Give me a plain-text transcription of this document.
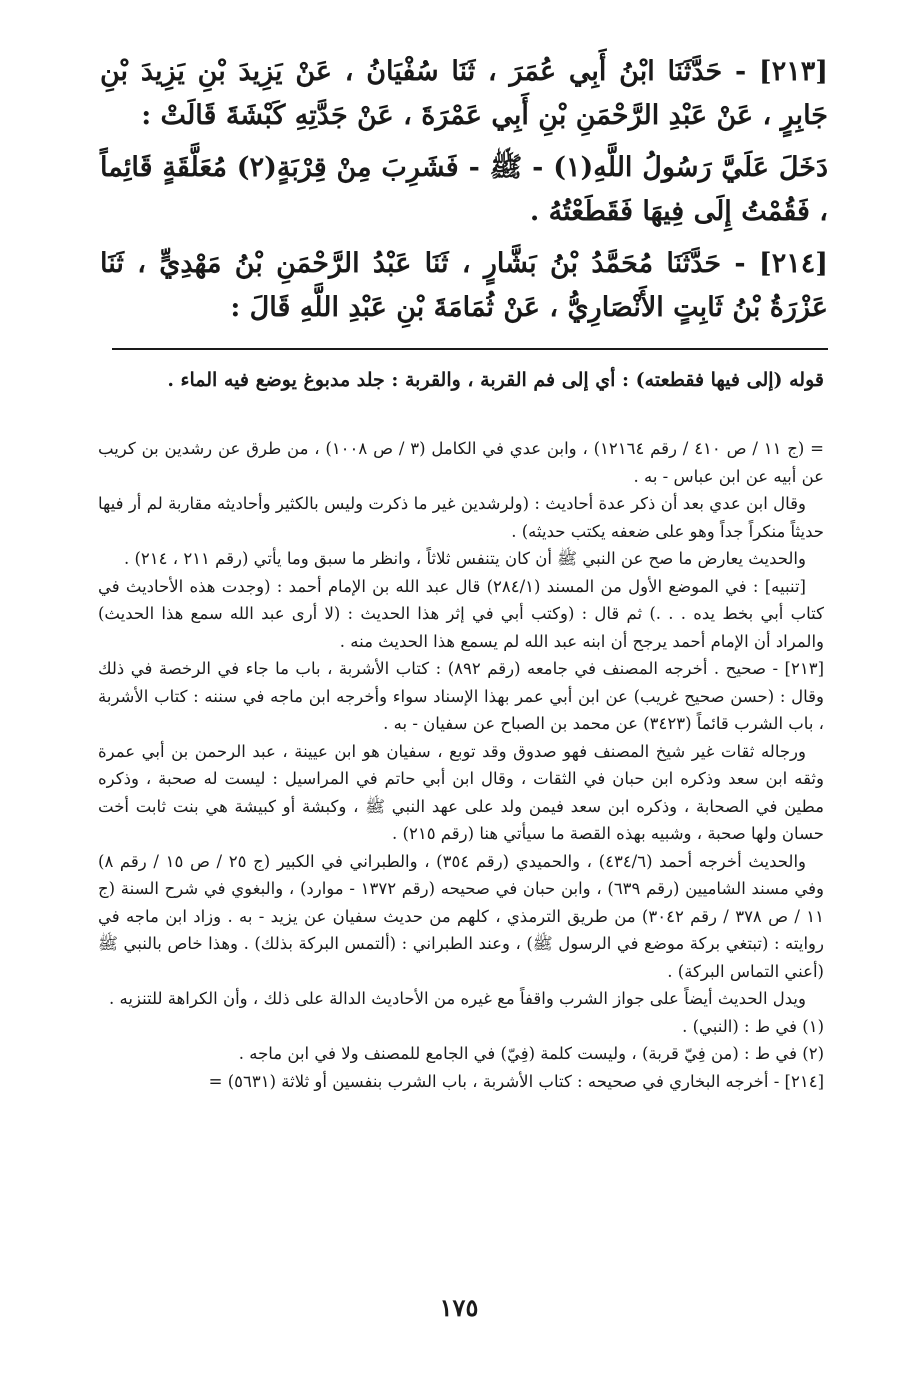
[٢١٣] - حَدَّثَنَا ابْنُ أَبِي عُمَرَ ، ثَنَا سُفْيَانُ ، عَنْ يَزِيدَ بْنِ يَزِيدَ بْنِ جَابِرٍ ، عَنْ عَبْدِ الرَّحْمَنِ بْنِ أَبِي عَمْرَةَ ، عَنْ جَدَّتِهِ كَبْشَةَ قَالَتْ :

دَخَلَ عَلَيَّ رَسُولُ اللَّهِ(١) - ﷺ - فَشَرِبَ مِنْ قِرْبَةٍ(٢) مُعَلَّقَةٍ قَائِماً ، فَقُمْتُ إِلَى فِيهَا فَقَطَعْتُهُ .

[٢١٤] - حَدَّثَنَا مُحَمَّدُ بْنُ بَشَّارٍ ، ثَنَا عَبْدُ الرَّحْمَنِ بْنُ مَهْدِيٍّ ، ثَنَا عَزْرَةُ بْنُ ثَابِتٍ الأَنْصَارِيُّ ، عَنْ ثُمَامَةَ بْنِ عَبْدِ اللَّهِ قَالَ :

قوله (إلى فيها فقطعته) : أي إلى فم القربة ، والقربة : جلد مدبوغ يوضع فيه الماء .

= (ج ١١ / ص ٤١٠ / رقم ١٢١٦٤) ، وابن عدي في الكامل (٣ / ص ١٠٠٨) ، من طرق عن رشدين بن كريب عن أبيه عن ابن عباس - به .

وقال ابن عدي بعد أن ذكر عدة أحاديث : (ولرشدين غير ما ذكرت وليس بالكثير وأحاديثه مقاربة لم أر فيها حديثاً منكراً جداً وهو على ضعفه يكتب حديثه) .

والحديث يعارض ما صح عن النبي ﷺ أن كان يتنفس ثلاثاً ، وانظر ما سبق وما يأتي (رقم ٢١١ ، ٢١٤) .

[تنبيه] : في الموضع الأول من المسند (٢٨٤/١) قال عبد الله بن الإمام أحمد : (وجدت هذه الأحاديث في كتاب أبي بخط يده . . .) ثم قال : (وكتب أبي في إثر هذا الحديث : (لا أرى عبد الله سمع هذا الحديث) والمراد أن الإمام أحمد يرجح أن ابنه عبد الله لم يسمع هذا الحديث منه .

[٢١٣] - صحيح . أخرجه المصنف في جامعه (رقم ٨٩٢) : كتاب الأشربة ، باب ما جاء في الرخصة في ذلك وقال : (حسن صحيح غريب) عن ابن أبي عمر بهذا الإسناد سواء وأخرجه ابن ماجه في سننه : كتاب الأشربة ، باب الشرب قائماً (٣٤٢٣) عن محمد بن الصباح عن سفيان - به .

ورجاله ثقات غير شيخ المصنف فهو صدوق وقد توبع ، سفيان هو ابن عيينة ، عبد الرحمن بن أبي عمرة وثقه ابن سعد وذكره ابن حبان في الثقات ، وقال ابن أبي حاتم في المراسيل : ليست له صحبة ، وذكره مطين في الصحابة ، وذكره ابن سعد فيمن ولد على عهد النبي ﷺ ، وكبشة أو كبيشة هي بنت ثابت أخت حسان ولها صحبة ، وشبيه بهذه القصة ما سيأتي هنا (رقم ٢١٥) .

والحديث أخرجه أحمد (٤٣٤/٦) ، والحميدي (رقم ٣٥٤) ، والطبراني في الكبير (ج ٢٥ / ص ١٥ / رقم ٨) وفي مسند الشاميين (رقم ٦٣٩) ، وابن حبان في صحيحه (رقم ١٣٧٢ - موارد) ، والبغوي في شرح السنة (ج ١١ / ص ٣٧٨ / رقم ٣٠٤٢) من طريق الترمذي ، كلهم من حديث سفيان عن يزيد - به . وزاد ابن ماجه في روايته : (تبتغي بركة موضع في الرسول ﷺ) ، وعند الطبراني : (ألتمس البركة بذلك) . وهذا خاص بالنبي ﷺ (أعني التماس البركة) .

ويدل الحديث أيضاً على جواز الشرب واقفاً مع غيره من الأحاديث الدالة على ذلك ، وأن الكراهة للتنزيه .

(١) في ط : (النبي) .

(٢) في ط : (من فِيّ قربة) ، وليست كلمة (فِيّ) في الجامع للمصنف ولا في ابن ماجه .

[٢١٤] - أخرجه البخاري في صحيحه : كتاب الأشربة ، باب الشرب بنفسين أو ثلاثة (٥٦٣١) =

١٧٥
